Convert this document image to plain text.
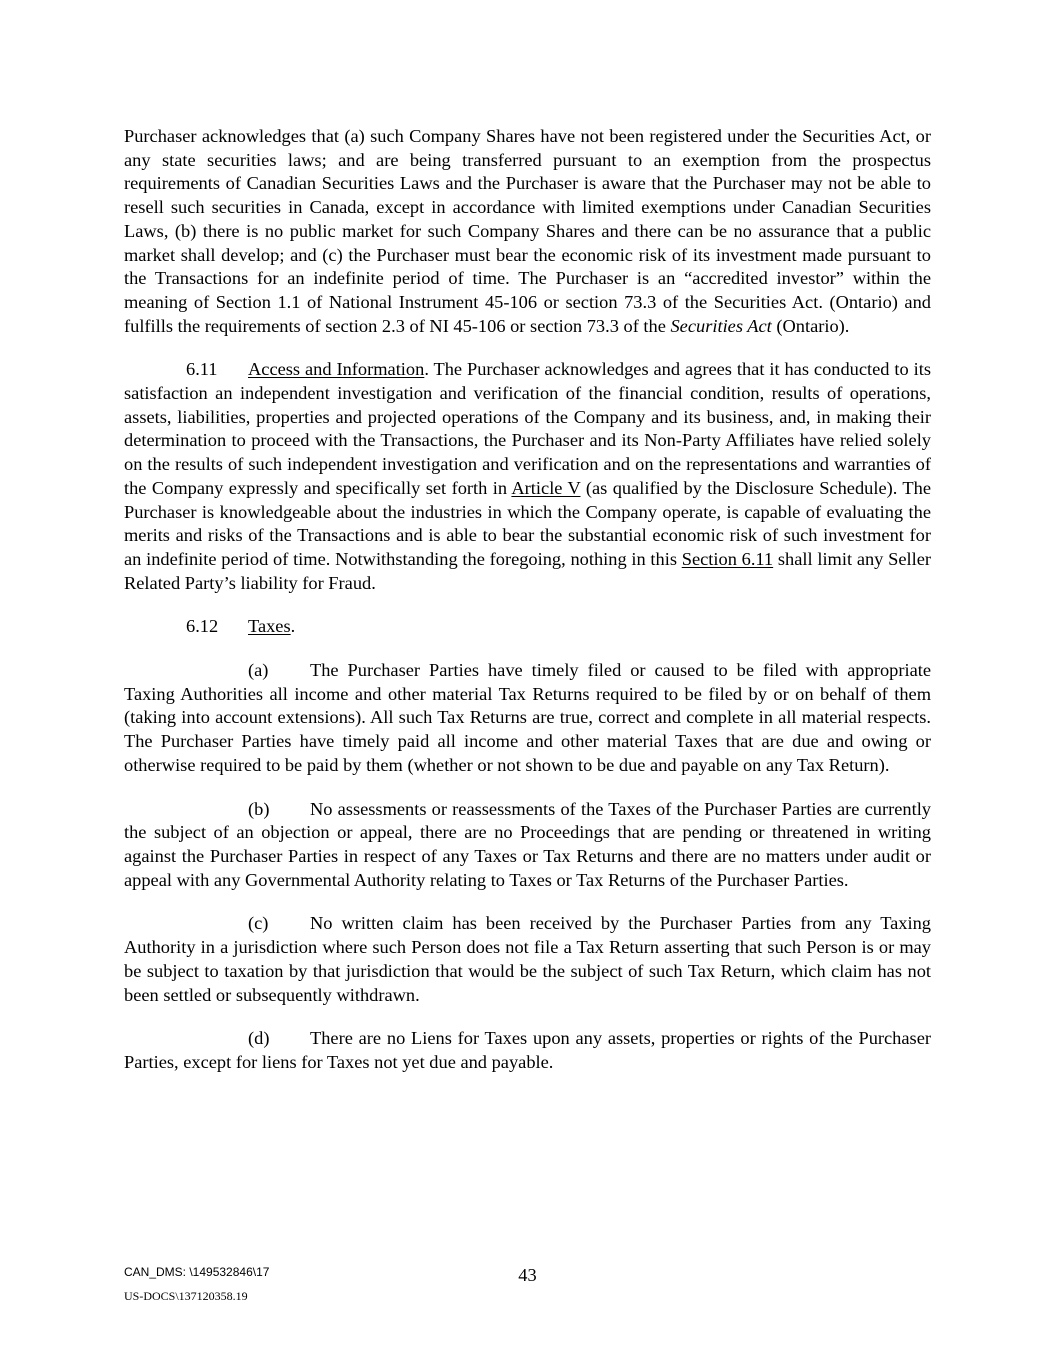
Purchaser acknowledges that (a) such Company Shares have not been registered under the Securities Act, or any state securities laws; and are being transferred pursuant to an exemption from the prospectus requirements of Canadian Securities Laws and the Purchaser is aware that the Purchaser may not be able to resell such securities in Canada, except in accordance with limited exemptions under Canadian Securities Laws, (b) there is no public market for such Company Shares and there can be no assurance that a public market shall develop; and (c) the Purchaser must bear the economic risk of its investment made pursuant to the Transactions for an indefinite period of time. The Purchaser is an “accredited investor” within the meaning of Section 1.1 of National Instrument 45-106 or section 73.3 of the Securities Act. (Ontario) and fulfills the requirements of section 2.3 of NI 45-106 or section 73.3 of the Securities Act (Ontario).

6.11 Access and Information. The Purchaser acknowledges and agrees that it has conducted to its satisfaction an independent investigation and verification of the financial condition, results of operations, assets, liabilities, properties and projected operations of the Company and its business, and, in making their determination to proceed with the Transactions, the Purchaser and its Non-Party Affiliates have relied solely on the results of such independent investigation and verification and on the representations and warranties of the Company expressly and specifically set forth in Article V (as qualified by the Disclosure Schedule). The Purchaser is knowledgeable about the industries in which the Company operate, is capable of evaluating the merits and risks of the Transactions and is able to bear the substantial economic risk of such investment for an indefinite period of time. Notwithstanding the foregoing, nothing in this Section 6.11 shall limit any Seller Related Party’s liability for Fraud.

6.12 Taxes.

(a) The Purchaser Parties have timely filed or caused to be filed with appropriate Taxing Authorities all income and other material Tax Returns required to be filed by or on behalf of them (taking into account extensions). All such Tax Returns are true, correct and complete in all material respects. The Purchaser Parties have timely paid all income and other material Taxes that are due and owing or otherwise required to be paid by them (whether or not shown to be due and payable on any Tax Return).

(b) No assessments or reassessments of the Taxes of the Purchaser Parties are currently the subject of an objection or appeal, there are no Proceedings that are pending or threatened in writing against the Purchaser Parties in respect of any Taxes or Tax Returns and there are no matters under audit or appeal with any Governmental Authority relating to Taxes or Tax Returns of the Purchaser Parties.

(c) No written claim has been received by the Purchaser Parties from any Taxing Authority in a jurisdiction where such Person does not file a Tax Return asserting that such Person is or may be subject to taxation by that jurisdiction that would be the subject of such Tax Return, which claim has not been settled or subsequently withdrawn.

(d) There are no Liens for Taxes upon any assets, properties or rights of the Purchaser Parties, except for liens for Taxes not yet due and payable.

CAN_DMS: \149532846\17
US-DOCS\137120358.19
43
